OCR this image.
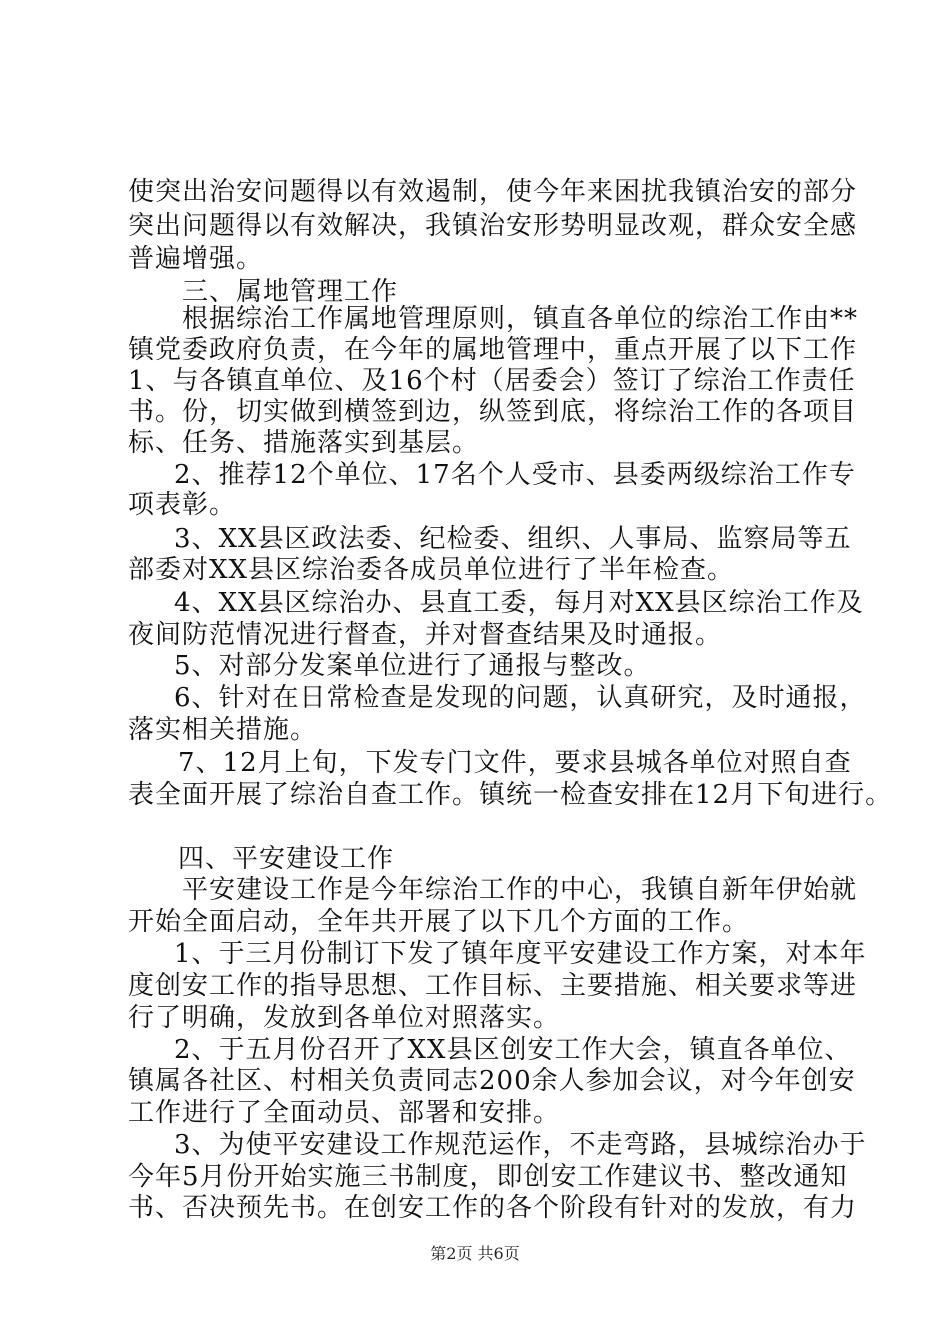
使突出治安问题得以有效遏制，使今年来困扰我镇治安的部分
突出问题得以有效解决，我镇治安形势明显改观，群众安全感
普遍增强。
三、属地管理工作
根据综治工作属地管理原则，镇直各单位的综治工作由**
镇党委政府负责，在今年的属地管理中，重点开展了以下工作
1、与各镇直单位、及16个村（居委会）签订了综治工作责任
书。份，切实做到横签到边，纵签到底，将综治工作的各项目
标、任务、措施落实到基层。
2、推荐12个单位、17名个人受市、县委两级综治工作专
项表彰。
3、XX县区政法委、纪检委、组织、人事局、监察局等五
部委对XX县区综治委各成员单位进行了半年检查。
4、XX县区综治办、县直工委，每月对XX县区综治工作及
夜间防范情况进行督查，并对督查结果及时通报。
5、对部分发案单位进行了通报与整改。
6、针对在日常检查是发现的问题，认真研究，及时通报，
落实相关措施。
7、12月上旬，下发专门文件，要求县城各单位对照自查
表全面开展了综治自查工作。镇统一检查安排在12月下旬进行。
四、平安建设工作
平安建设工作是今年综治工作的中心，我镇自新年伊始就
开始全面启动，全年共开展了以下几个方面的工作。
1、于三月份制订下发了镇年度平安建设工作方案，对本年
度创安工作的指导思想、工作目标、主要措施、相关要求等进
行了明确，发放到各单位对照落实。
2、于五月份召开了XX县区创安工作大会，镇直各单位、
镇属各社区、村相关负责同志200余人参加会议，对今年创安
工作进行了全面动员、部署和安排。
3、为使平安建设工作规范运作，不走弯路，县城综治办于
今年5月份开始实施三书制度，即创安工作建议书、整改通知
书、否决预先书。在创安工作的各个阶段有针对的发放，有力
第2页 共6页
